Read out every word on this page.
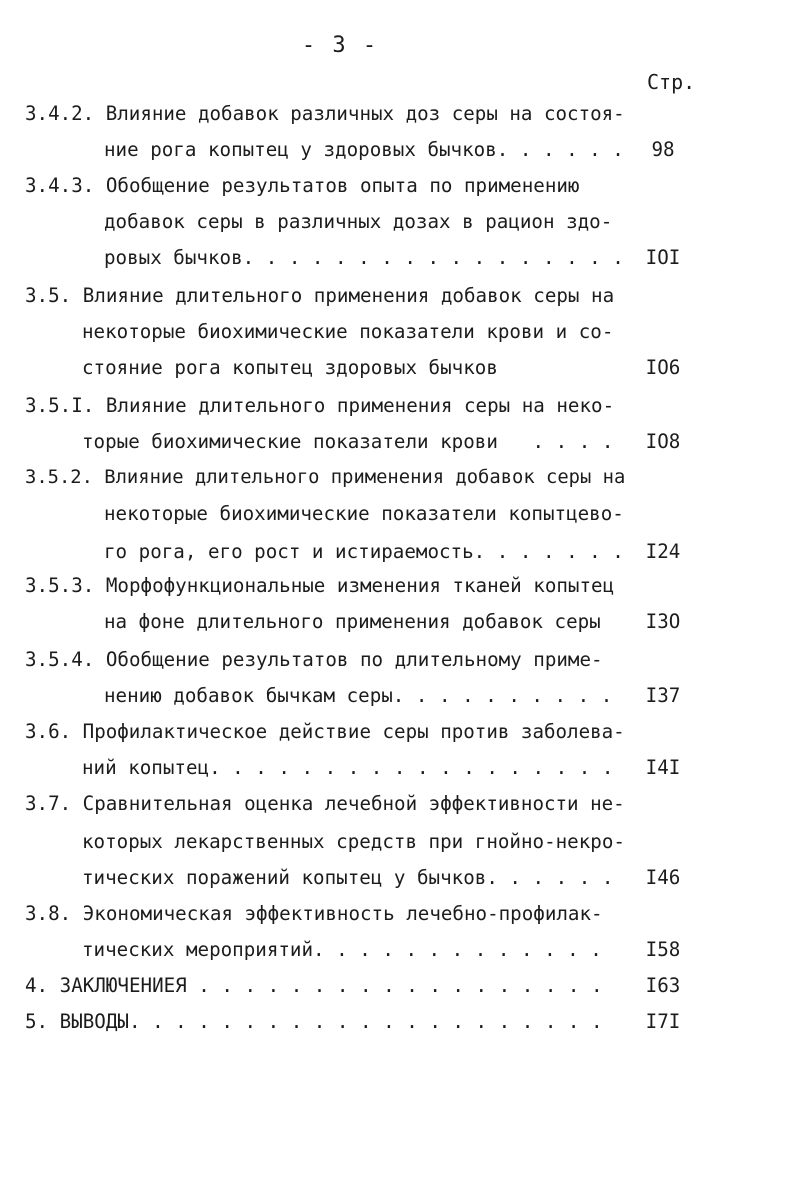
- 3 -
Стр.
3.4.2. Влияние добавок различных доз серы на состоя-
ние рога копытец у здоровых бычков. . . . . .	98
3.4.3. Обобщение результатов опыта по применению
добавок серы в различных дозах в рацион здо-
ровых бычков. . . . . . . . . . . . . . . . . IOI
3.5. Влияние длительного применения добавок серы на
некоторые биохимические показатели крови и со-
стояние рога копытец здоровых бычков	IO6
3.5.I. Влияние длительного применения серы на неко-
торые биохимические показатели крови   . . . . IO8
3.5.2. Влияние длительного применения добавок серы на
некоторые биохимические показатели копытцево-
го рога, его рост и истираемость. . . . . . . I24
3.5.3. Морфофункциональные изменения тканей копытец
на фоне длительного применения добавок серы I3O
3.5.4. Обобщение результатов по длительному приме-
нению добавок бычкам серы. . . . . . . . . . I37
3.6. Профилактическое действие серы против заболева-
ний копытец. . . . . . . . . . . . . . . . . . I4I
3.7. Сравнительная оценка лечебной эффективности не-
которых лекарственных средств при гнойно-некро-
тических поражений копытец у бычков. . . . . . I46
3.8. Экономическая эффективность лечебно-профилак-
тических мероприятий. . . . . . . . . . . . . I58
4. ЗАКЛЮЧЕНИЕЯ . . . . . . . . . . . . . . . . . . I63
5. ВЫВОДЫ. . . . . . . . . . . . . . . . . . . . . I7I
